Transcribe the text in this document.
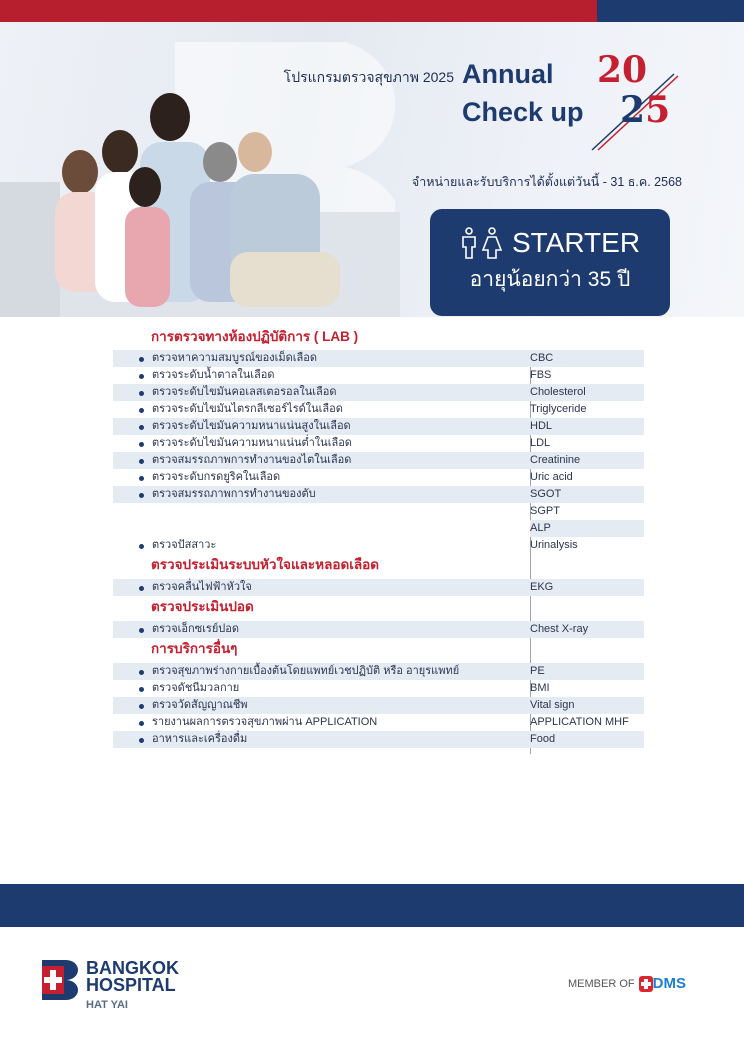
โปรแกรมตรวจสุขภาพ 2025 Annual
Check up
20
25
จำหน่ายและรับบริการได้ตั้งแต่วันนี้ - 31 ธ.ค. 2568
STARTER
อายุน้อยกว่า 35 ปี
การตรวจทางห้องปฏิบัติการ ( LAB )
ตรวจหาความสมบูรณ์ของเม็ดเลือด	CBC
ตรวจระดับน้ำตาลในเลือด	FBS
ตรวจระดับไขมันคอเลสเตอรอลในเลือด	Cholesterol
ตรวจระดับไขมันไตรกลีเซอร์ไรด์ในเลือด	Triglyceride
ตรวจระดับไขมันความหนาแน่นสูงในเลือด	HDL
ตรวจระดับไขมันความหนาแน่นต่ำในเลือด	LDL
ตรวจสมรรถภาพการทำงานของไตในเลือด	Creatinine
ตรวจระดับกรดยูริคในเลือด	Uric acid
ตรวจสมรรถภาพการทำงานของตับ	SGOT
SGPT
ALP
ตรวจปัสสาวะ	Urinalysis
ตรวจประเมินระบบหัวใจและหลอดเลือด
ตรวจคลื่นไฟฟ้าหัวใจ	EKG
ตรวจประเมินปอด
ตรวจเอ็กซเรย์ปอด	Chest X-ray
การบริการอื่นๆ
ตรวจสุขภาพร่างกายเบื้องต้นโดยแพทย์เวชปฏิบัติ หรือ อายุรแพทย์	PE
ตรวจดัชนีมวลกาย	BMI
ตรวจวัดสัญญาณชีพ	Vital sign
รายงานผลการตรวจสุขภาพผ่าน APPLICATION	APPLICATION MHF
อาหารและเครื่องดื่ม	Food
BANGKOK
HOSPITAL
HAT YAI
MEMBER OF DMS
